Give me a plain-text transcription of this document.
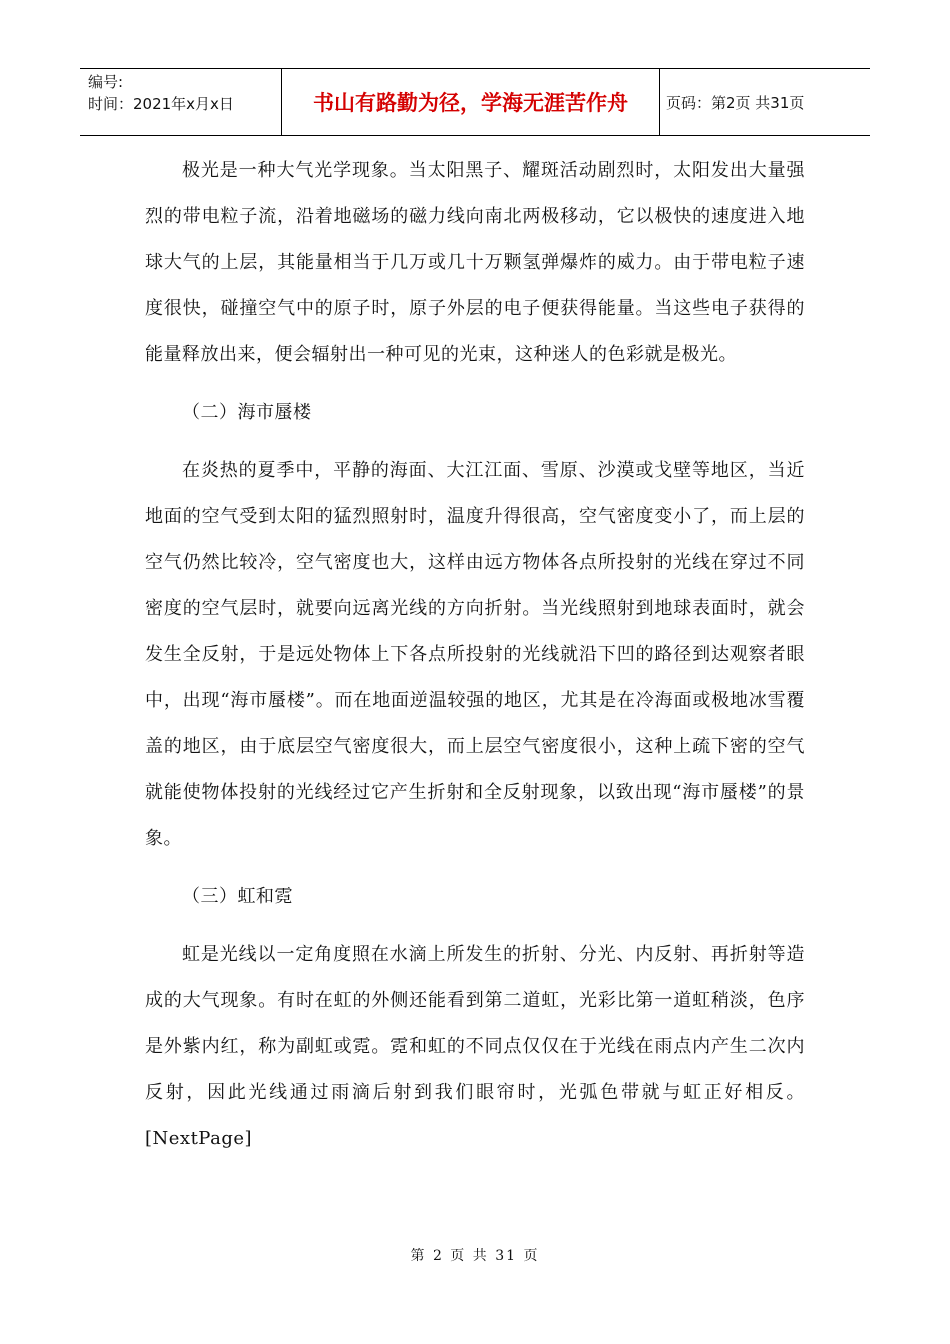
编号:
时间：2021年x月x日	书山有路勤为径，学海无涯苦作舟	页码：第2页 共31页

极光是一种大气光学现象。当太阳黑子、耀斑活动剧烈时，太阳发出大量强烈的带电粒子流，沿着地磁场的磁力线向南北两极移动，它以极快的速度进入地球大气的上层，其能量相当于几万或几十万颗氢弹爆炸的威力。由于带电粒子速度很快，碰撞空气中的原子时，原子外层的电子便获得能量。当这些电子获得的能量释放出来，便会辐射出一种可见的光束，这种迷人的色彩就是极光。

（二）海市蜃楼

在炎热的夏季中，平静的海面、大江江面、雪原、沙漠或戈壁等地区，当近地面的空气受到太阳的猛烈照射时，温度升得很高，空气密度变小了，而上层的空气仍然比较冷，空气密度也大，这样由远方物体各点所投射的光线在穿过不同密度的空气层时，就要向远离光线的方向折射。当光线照射到地球表面时，就会发生全反射，于是远处物体上下各点所投射的光线就沿下凹的路径到达观察者眼中，出现“海市蜃楼”。而在地面逆温较强的地区，尤其是在冷海面或极地冰雪覆盖的地区，由于底层空气密度很大，而上层空气密度很小，这种上疏下密的空气就能使物体投射的光线经过它产生折射和全反射现象，以致出现“海市蜃楼”的景象。

（三）虹和霓

虹是光线以一定角度照在水滴上所发生的折射、分光、内反射、再折射等造成的大气现象。有时在虹的外侧还能看到第二道虹，光彩比第一道虹稍淡，色序是外紫内红，称为副虹或霓。霓和虹的不同点仅仅在于光线在雨点内产生二次内反射，因此光线通过雨滴后射到我们眼帘时，光弧色带就与虹正好相反。[NextPage]

第 2 页 共 31 页
